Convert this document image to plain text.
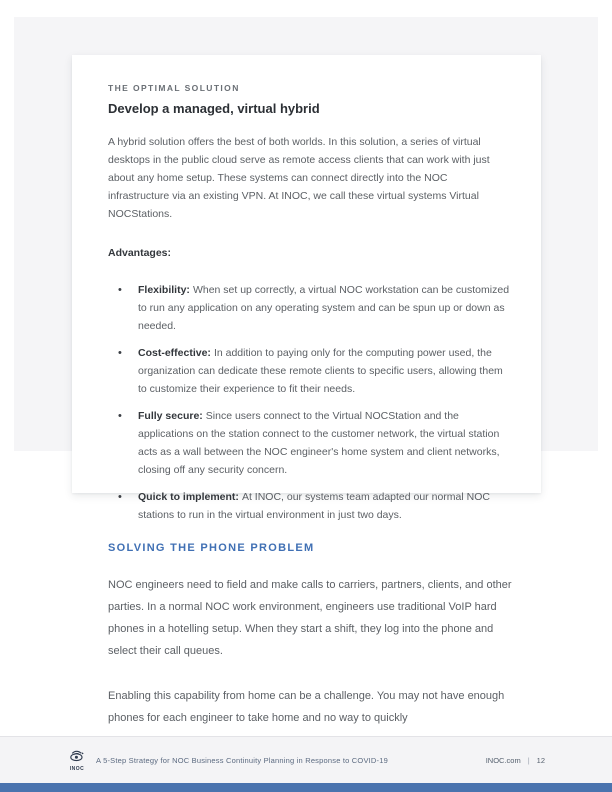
THE OPTIMAL SOLUTION
Develop a managed, virtual hybrid

A hybrid solution offers the best of both worlds. In this solution, a series of virtual desktops in the public cloud serve as remote access clients that can work with just about any home setup. These systems can connect directly into the NOC infrastructure via an existing VPN. At INOC, we call these virtual systems Virtual NOCStations.

Advantages:
• Flexibility: When set up correctly, a virtual NOC workstation can be customized to run any application on any operating system and can be spun up or down as needed.
• Cost-effective: In addition to paying only for the computing power used, the organization can dedicate these remote clients to specific users, allowing them to customize their experience to fit their needs.
• Fully secure: Since users connect to the Virtual NOCStation and the applications on the station connect to the customer network, the virtual station acts as a wall between the NOC engineer's home system and client networks, closing off any security concern.
• Quick to implement: At INOC, our systems team adapted our normal NOC stations to run in the virtual environment in just two days.
SOLVING THE PHONE PROBLEM

NOC engineers need to field and make calls to carriers, partners, clients, and other parties. In a normal NOC work environment, engineers use traditional VoIP hard phones in a hotelling setup. When they start a shift, they log into the phone and select their call queues.

Enabling this capability from home can be a challenge. You may not have enough phones for each engineer to take home and no way to quickly

INOC
A 5-Step Strategy for NOC Business Continuity Planning in Response to COVID-19	INOC.com | 12
